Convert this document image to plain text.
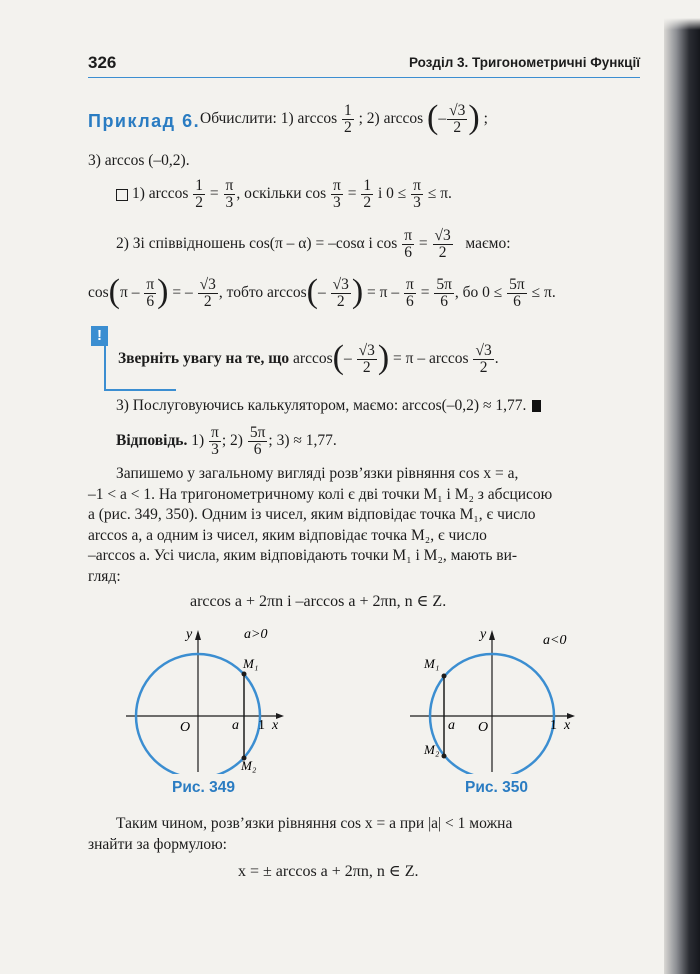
326	Розділ 3. Тригонометричні Функції
Приклад 6. Обчислити: 1) $\arccos \frac{1}{2}$ ; 2) arccos (– $\frac{√3}{2}$ ) ;
3) arccos (–0,2).
1) $\arccos \frac{1}{2} = \frac{\pi}{3}$ , оскільки $\cos \frac{\pi}{3} = \frac{1}{2}$ і $0 \le \frac{\pi}{3} \le \pi$.
2) Зі співвідношень cos(π – α) = –cosα і $\cos \frac{\pi}{6} = \frac{√3}{2}$ маємо:
$\cos(\pi - \frac{\pi}{6}$ ) = – $\frac{√3}{2}$ , тобто $\arccos(- \frac{√3}{2}$ ) = $\pi - \frac{\pi}{6} = \frac{5\pi}{6}$ , бо $0 \le \frac{5\pi}{6} \le \pi$.
!
Зверніть увагу на те, що $\arccos(- \frac{√3}{2}$ ) = π – $\arccos \frac{√3}{2}$ .
3) Послуговуючись калькулятором, маємо: arccos(–0,2) ≈ 1,77.
Відповідь. $1) \frac{\pi}{3}$ ; $2) \frac{5\pi}{6}$ ; 3) ≈ 1,77.
Запишемо у загальному вигляді розв’язки рівняння cos x = a,
–1 < a < 1. На тригонометричному колі є дві точки M₁ і M₂ з абсцисою
a (рис. 349, 350). Одним із чисел, яким відповідає точка M₁, є число
arccos a, а одним із чисел, яким відповідає точка M₂, є число
–arccos a. Усі числа, яким відповідають точки M₁ і M₂, мають ви-
гляд:
arccos a + 2πn і –arccos a + 2πn, n ∈ Z.
y	a>0
M₁
M₂
O	a 1 x
Рис. 349
y	a<0
M₁
M₂
O
a	1 x
Рис. 350
Таким чином, розв’язки рівняння cos x = a при |a| < 1 можна
знайти за формулою:
x = ± arccos a + 2πn, n ∈ Z.
